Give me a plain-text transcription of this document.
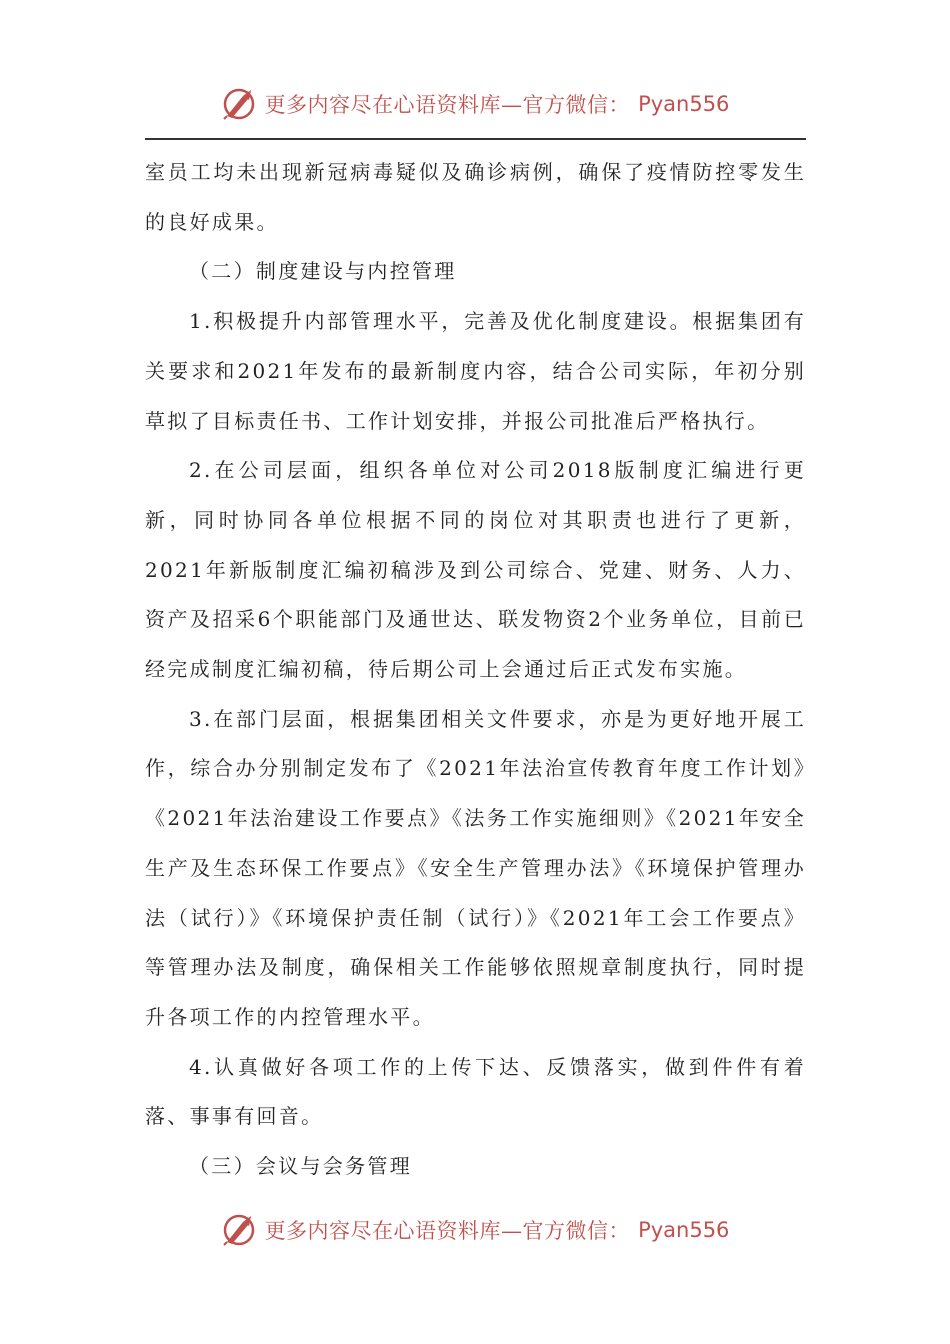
更多内容尽在心语资料库—官方微信： Pyan556

室员工均未出现新冠病毒疑似及确诊病例，确保了疫情防控零发生的良好成果。

（二）制度建设与内控管理

1.积极提升内部管理水平，完善及优化制度建设。根据集团有关要求和2021年发布的最新制度内容，结合公司实际，年初分别草拟了目标责任书、工作计划安排，并报公司批准后严格执行。

2.在公司层面，组织各单位对公司2018版制度汇编进行更新，同时协同各单位根据不同的岗位对其职责也进行了更新，2021年新版制度汇编初稿涉及到公司综合、党建、财务、人力、资产及招采6个职能部门及通世达、联发物资2个业务单位，目前已经完成制度汇编初稿，待后期公司上会通过后正式发布实施。

3.在部门层面，根据集团相关文件要求，亦是为更好地开展工作，综合办分别制定发布了《2021年法治宣传教育年度工作计划》《2021年法治建设工作要点》《法务工作实施细则》《2021年安全生产及生态环保工作要点》《安全生产管理办法》《环境保护管理办法（试行）》《环境保护责任制（试行）》《2021年工会工作要点》等管理办法及制度，确保相关工作能够依照规章制度执行，同时提升各项工作的内控管理水平。

4.认真做好各项工作的上传下达、反馈落实，做到件件有着落、事事有回音。

（三）会议与会务管理

更多内容尽在心语资料库—官方微信： Pyan556
